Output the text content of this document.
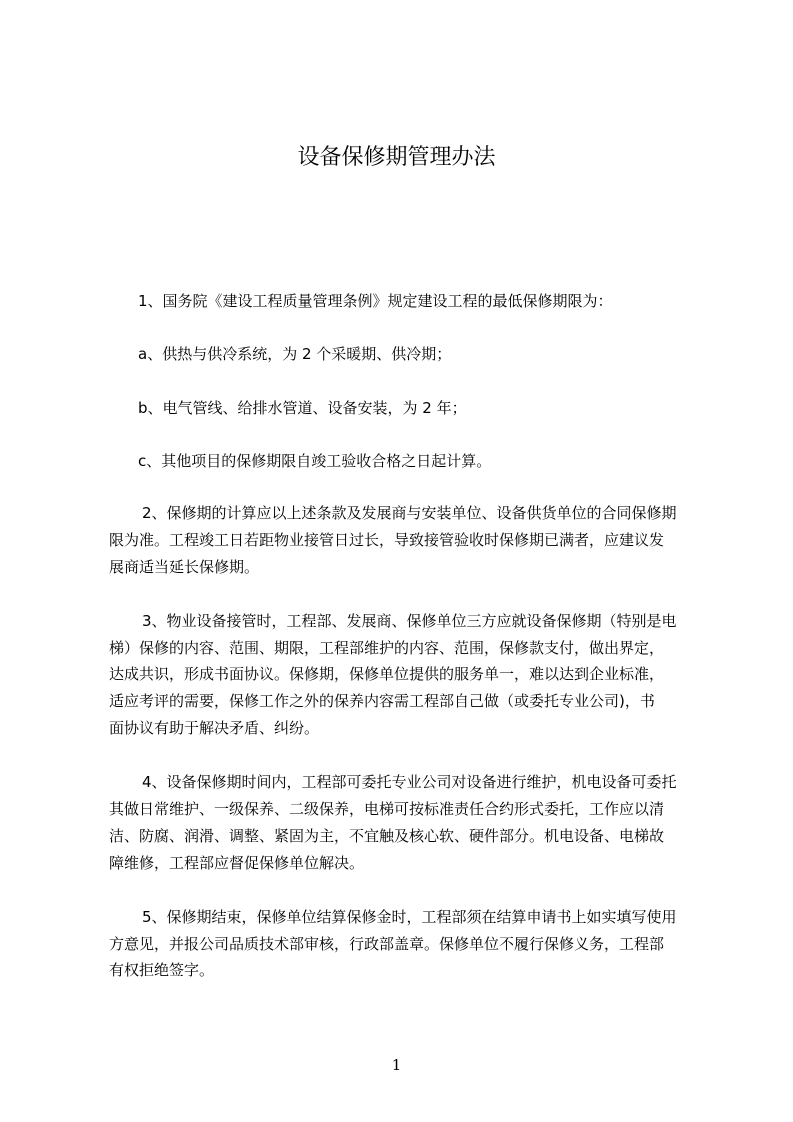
设备保修期管理办法
1、国务院《建设工程质量管理条例》规定建设工程的最低保修期限为：
a、供热与供冷系统，为 2 个采暖期、供冷期；
b、电气管线、给排水管道、设备安装，为 2 年；
c、其他项目的保修期限自竣工验收合格之日起计算。
2、保修期的计算应以上述条款及发展商与安装单位、设备供货单位的合同保修期
限为准。工程竣工日若距物业接管日过长，导致接管验收时保修期已满者，应建议发
展商适当延长保修期。
3、物业设备接管时，工程部、发展商、保修单位三方应就设备保修期（特别是电
梯）保修的内容、范围、期限，工程部维护的内容、范围，保修款支付，做出界定，
达成共识，形成书面协议。保修期，保修单位提供的服务单一，难以达到企业标准，
适应考评的需要，保修工作之外的保养内容需工程部自己做（或委托专业公司)，书
面协议有助于解决矛盾、纠纷。
4、设备保修期时间内，工程部可委托专业公司对设备进行维护，机电设备可委托
其做日常维护、一级保养、二级保养，电梯可按标准责任合约形式委托，工作应以清
洁、防腐、润滑、调整、紧固为主，不宜触及核心软、硬件部分。机电设备、电梯故
障维修，工程部应督促保修单位解决。
5、保修期结束，保修单位结算保修金时，工程部须在结算申请书上如实填写使用
方意见，并报公司品质技术部审核，行政部盖章。保修单位不履行保修义务，工程部
有权拒绝签字。
1
